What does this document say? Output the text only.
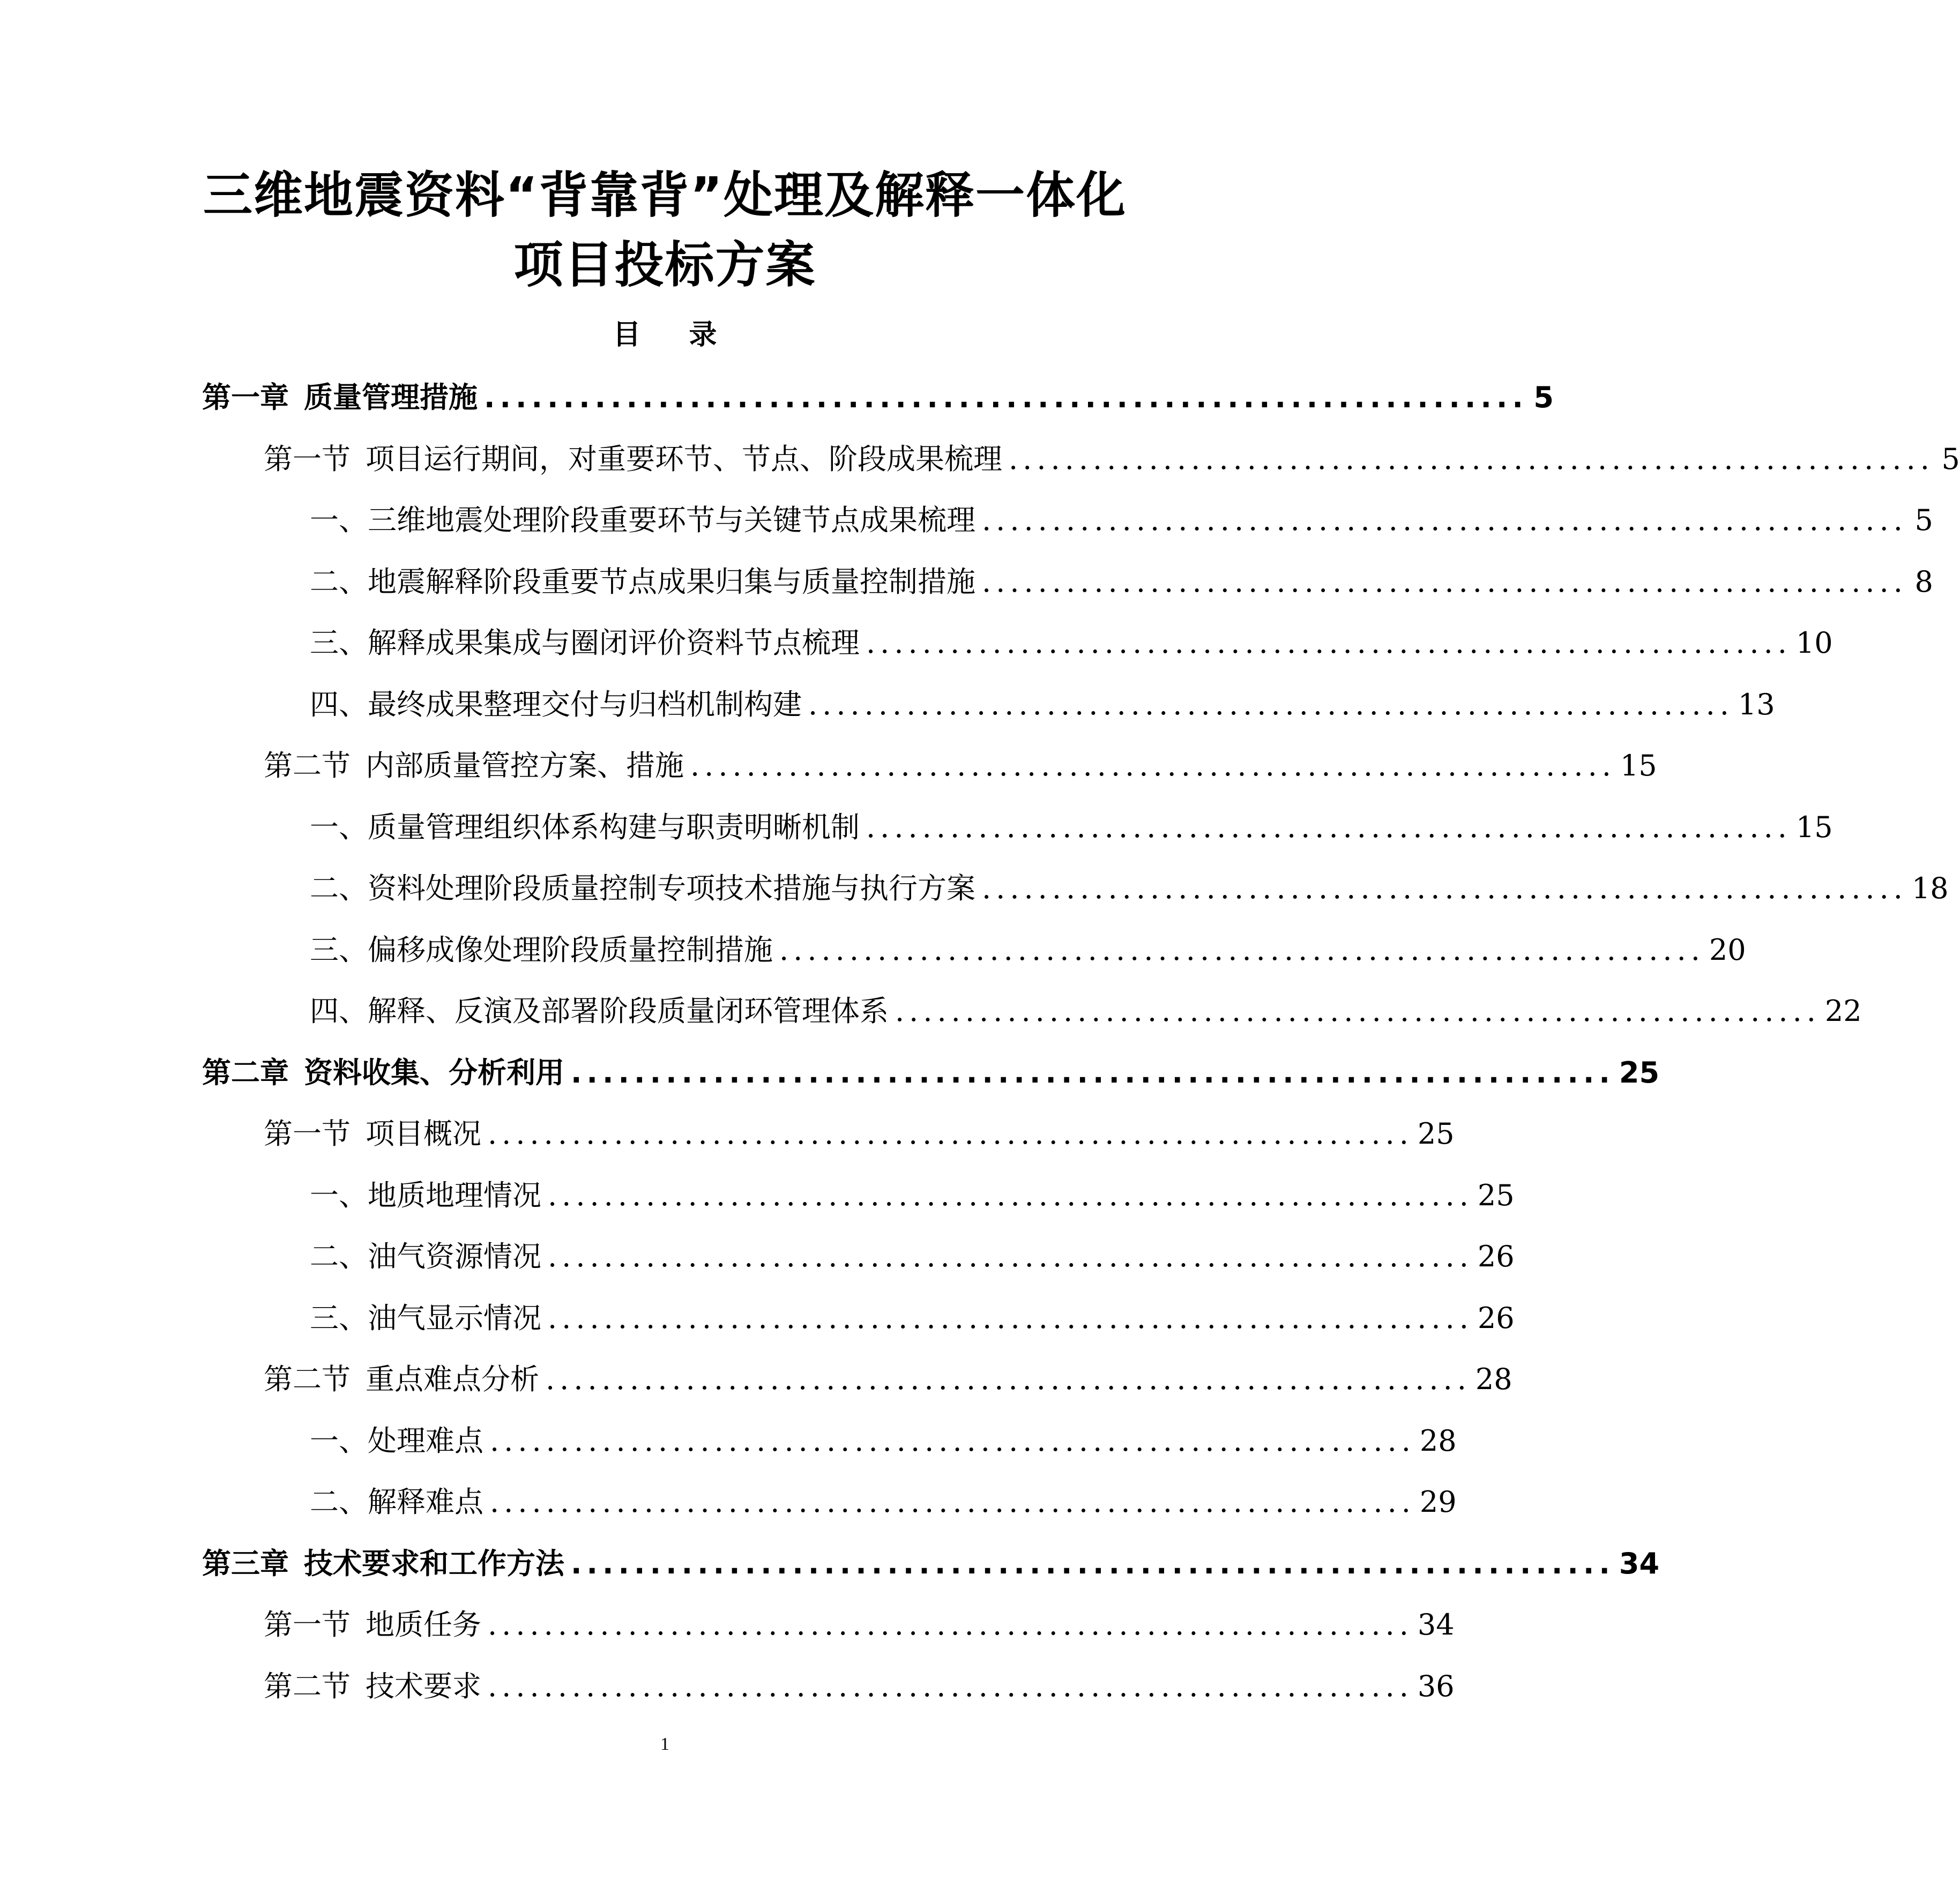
三维地震资料“背靠背”处理及解释一体化
项目投标方案
目 录
第一章 质量管理措施 .................................................................. 5
第一节 项目运行期间，对重要环节、节点、阶段成果梳理 .................................................................. 5
一、三维地震处理阶段重要环节与关键节点成果梳理 .................................................................. 5
二、地震解释阶段重要节点成果归集与质量控制措施 .................................................................. 8
三、解释成果集成与圈闭评价资料节点梳理 .................................................................. 10
四、最终成果整理交付与归档机制构建 .................................................................. 13
第二节 内部质量管控方案、措施 .................................................................. 15
一、质量管理组织体系构建与职责明晰机制 .................................................................. 15
二、资料处理阶段质量控制专项技术措施与执行方案 .................................................................. 18
三、偏移成像处理阶段质量控制措施 .................................................................. 20
四、解释、反演及部署阶段质量闭环管理体系 .................................................................. 22
第二章 资料收集、分析利用 .................................................................. 25
第一节 项目概况 .................................................................. 25
一、地质地理情况 .................................................................. 25
二、油气资源情况 .................................................................. 26
三、油气显示情况 .................................................................. 26
第二节 重点难点分析 .................................................................. 28
一、处理难点 .................................................................. 28
二、解释难点 .................................................................. 29
第三章 技术要求和工作方法 .................................................................. 34
第一节 地质任务 .................................................................. 34
第二节 技术要求 .................................................................. 36
1
